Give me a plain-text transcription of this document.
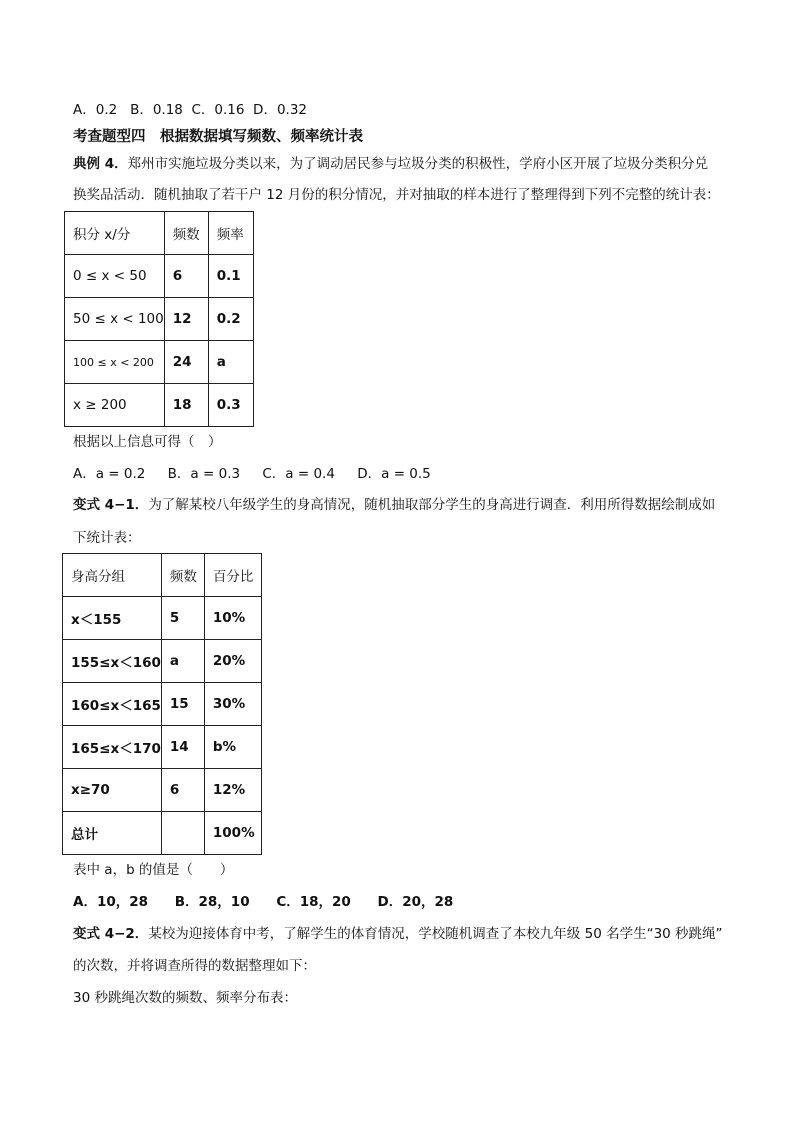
A．0.2   B．0.18  C．0.16  D．0.32
考查题型四　根据数据填写频数、频率统计表
典例 4．郑州市实施垃圾分类以来，为了调动居民参与垃圾分类的积极性，学府小区开展了垃圾分类积分兑
换奖品活动．随机抽取了若干户 12 月份的积分情况，并对抽取的样本进行了整理得到下列不完整的统计表：
积分 x/分	频数	频率
0 ≤ x < 50	6	0.1
50 ≤ x < 100	12	0.2
100 ≤ x < 200	24	a
x ≥ 200	18	0.3
根据以上信息可得（　）
A．a = 0.2 B．a = 0.3 C．a = 0.4 D．a = 0.5
变式 4−1．为了解某校八年级学生的身高情况，随机抽取部分学生的身高进行调查．利用所得数据绘制成如
下统计表：
身高分组	频数	百分比
x＜155	5	10%
155≤x＜160	a	20%
160≤x＜165	15	30%
165≤x＜170	14	b%
x≥70	6	12%
总计		100%
表中 a，b 的值是（　　）
A．10，28 B．28，10 C．18，20 D．20，28
变式 4−2．某校为迎接体育中考，了解学生的体育情况，学校随机调查了本校九年级 50 名学生“30 秒跳绳”
的次数，并将调查所得的数据整理如下：
30 秒跳绳次数的频数、频率分布表：
